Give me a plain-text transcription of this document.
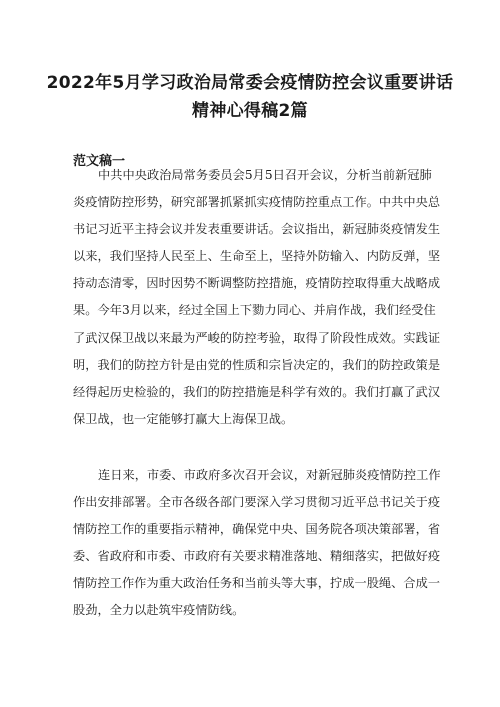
2022年5月学习政治局常委会疫情防控会议重要讲话
精神心得稿2篇
范文稿一
中共中央政治局常务委员会5月5日召开会议，分析当前新冠肺
炎疫情防控形势，研究部署抓紧抓实疫情防控重点工作。中共中央总
书记习近平主持会议并发表重要讲话。会议指出，新冠肺炎疫情发生
以来，我们坚持人民至上、生命至上，坚持外防输入、内防反弹，坚
持动态清零，因时因势不断调整防控措施，疫情防控取得重大战略成
果。今年3月以来，经过全国上下勠力同心、并肩作战，我们经受住
了武汉保卫战以来最为严峻的防控考验，取得了阶段性成效。实践证
明，我们的防控方针是由党的性质和宗旨决定的，我们的防控政策是
经得起历史检验的，我们的防控措施是科学有效的。我们打赢了武汉
保卫战，也一定能够打赢大上海保卫战。
连日来，市委、市政府多次召开会议，对新冠肺炎疫情防控工作
作出安排部署。全市各级各部门要深入学习贯彻习近平总书记关于疫
情防控工作的重要指示精神，确保党中央、国务院各项决策部署，省
委、省政府和市委、市政府有关要求精准落地、精细落实，把做好疫
情防控工作作为重大政治任务和当前头等大事，拧成一股绳、合成一
股劲，全力以赴筑牢疫情防线。
